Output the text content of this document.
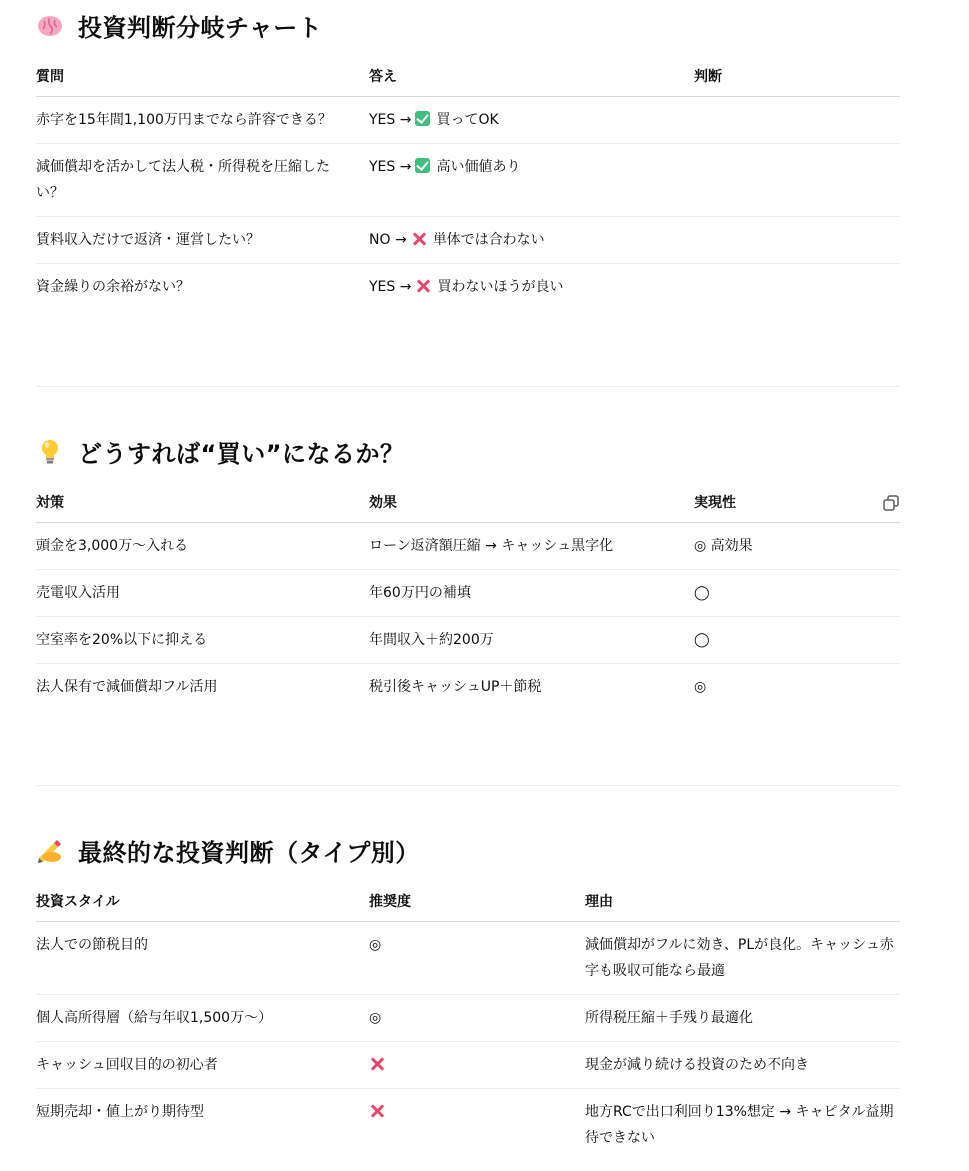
投資判断分岐チャート
質問	答え	判断
赤字を15年間1,100万円までなら許容できる？	YES → 買ってOK	
減価償却を活かして法人税・所得税を圧縮したい？	YES → 高い価値あり	
賃料収入だけで返済・運営したい？	NO → 単体では合わない	
資金繰りの余裕がない？	YES → 買わないほうが良い	
どうすれば“買い”になるか？
対策	効果	実現性
頭金を3,000万〜入れる	ローン返済額圧縮 → キャッシュ黒字化	◎ 高効果
売電収入活用	年60万円の補填	◯
空室率を20%以下に抑える	年間収入＋約200万	◯
法人保有で減価償却フル活用	税引後キャッシュUP＋節税	◎
最終的な投資判断（タイプ別）
投資スタイル	推奨度	理由
法人での節税目的	◎	減価償却がフルに効き、PLが良化。キャッシュ赤字も吸収可能なら最適
個人高所得層（給与年収1,500万〜）	◎	所得税圧縮＋手残り最適化
キャッシュ回収目的の初心者		現金が減り続ける投資のため不向き
短期売却・値上がり期待型		地方RCで出口利回り13%想定 → キャピタル益期待できない
